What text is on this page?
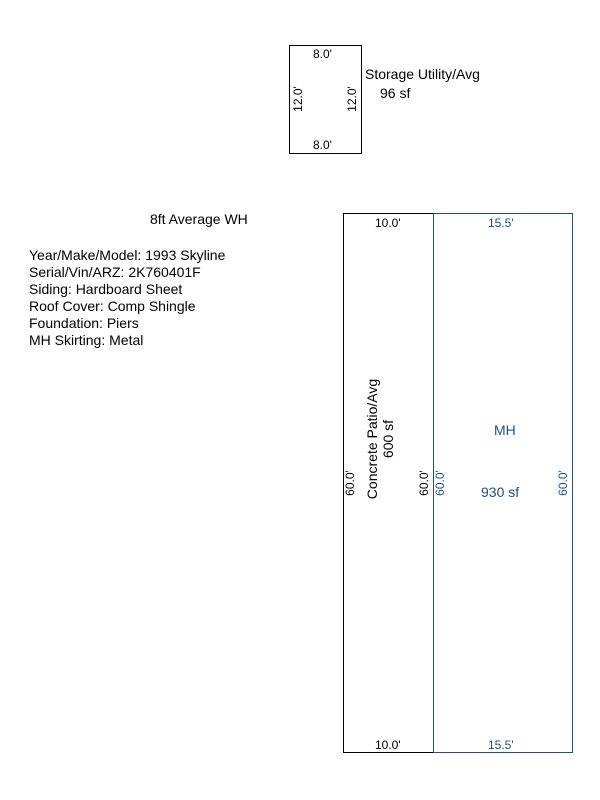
8.0'
8.0'
12.0'	12.0'
Storage Utility/Avg
96 sf
8ft Average WH
Year/Make/Model: 1993 Skyline
Serial/Vin/ARZ: 2K760401F
Siding: Hardboard Sheet
Roof Cover: Comp Shingle
Foundation: Piers
MH Skirting: Metal
10.0'
10.0'
60.0'	60.0'
Concrete Patio/Avg 600 sf
15.5'
15.5'
60.0'	60.0'
MH
930 sf
